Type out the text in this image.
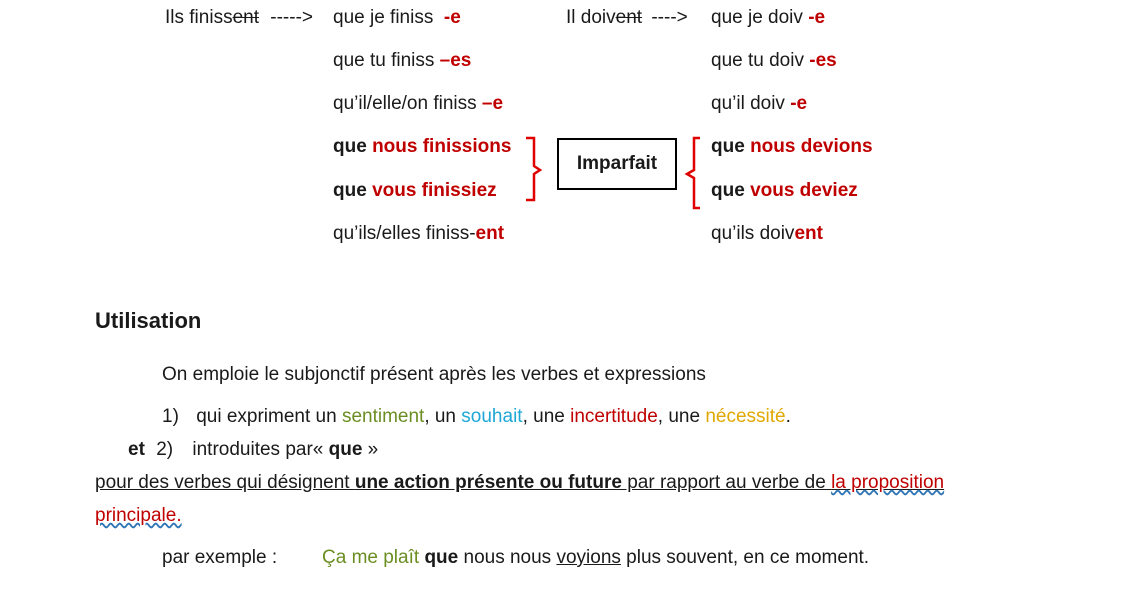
Ils finissent -----> que je finiss  -e
que tu finiss –es
qu’il/elle/on finiss –e
que nous finissions
que vous finissiez
qu’ils/elles finiss-ent
Imparfait
Il doivent ----> que je doiv -e
que tu doiv -es
qu’il doiv -e
que nous devions
que vous deviez
qu’ils doivent
Utilisation
On emploie le subjonctif présent après les verbes et expressions
1) qui expriment un sentiment, un souhait, une incertitude, une nécessité.
et 2) introduites par« que »
pour des verbes qui désignent une action présente ou future par rapport au verbe de la proposition
principale.
par exemple : Ça me plaît que nous nous voyions plus souvent, en ce moment.
